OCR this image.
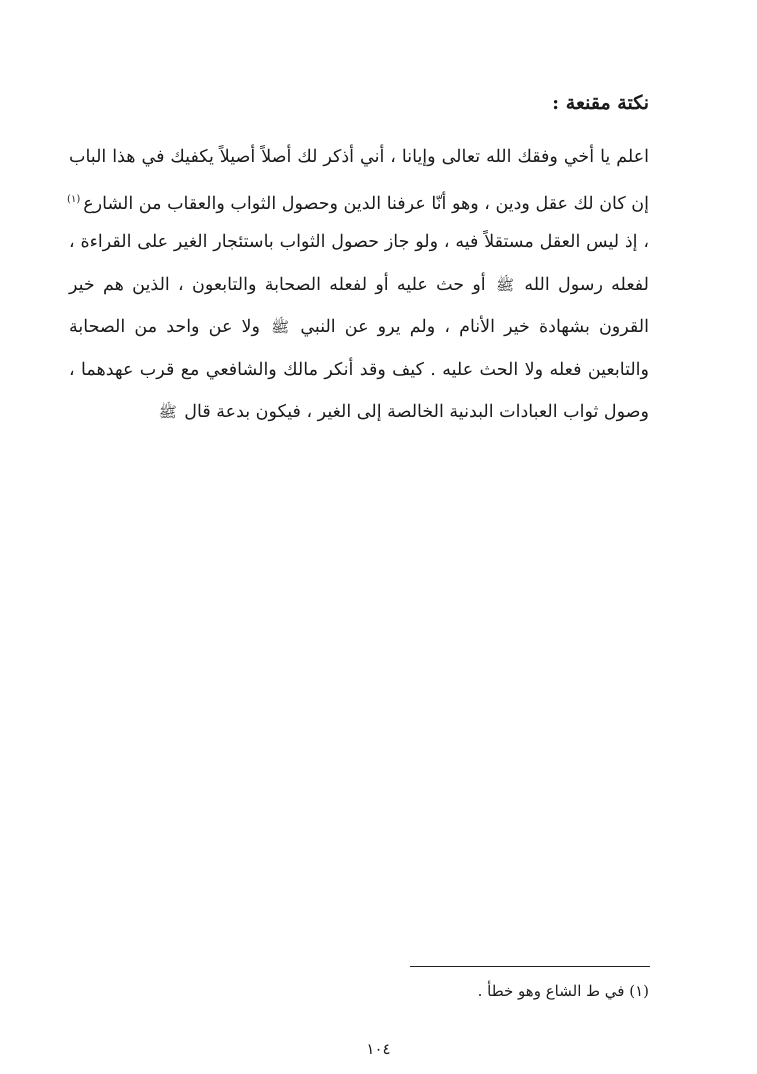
نكتة مقنعة :
اعلم يا أخي وفقك الله تعالى وإيانا ، أني أذكر لك أصلاً أصيلاً يكفيك في هذا الباب
إن كان لك عقل ودين ، وهو أنّا عرفنا الدين وحصول الثواب والعقاب من الشارع$^{(١)}$
، إذ ليس العقل مستقلاً فيه ، ولو جاز حصول الثواب باستئجار الغير على القراءة ،
لفعله رسول الله ﷺ أو حث عليه أو لفعله الصحابة والتابعون ، الذين هم خير
القرون بشهادة خير الأنام ، ولم يرو عن النبي ﷺ ولا عن واحد من الصحابة
والتابعين فعله ولا الحث عليه . كيف وقد أنكر مالك والشافعي مع قرب عهدهما ،
وصول ثواب العبادات البدنية الخالصة إلى الغير ، فيكون بدعة قال ﷺ
(١) في ط الشاع وهو خطأ .
١٠٤
